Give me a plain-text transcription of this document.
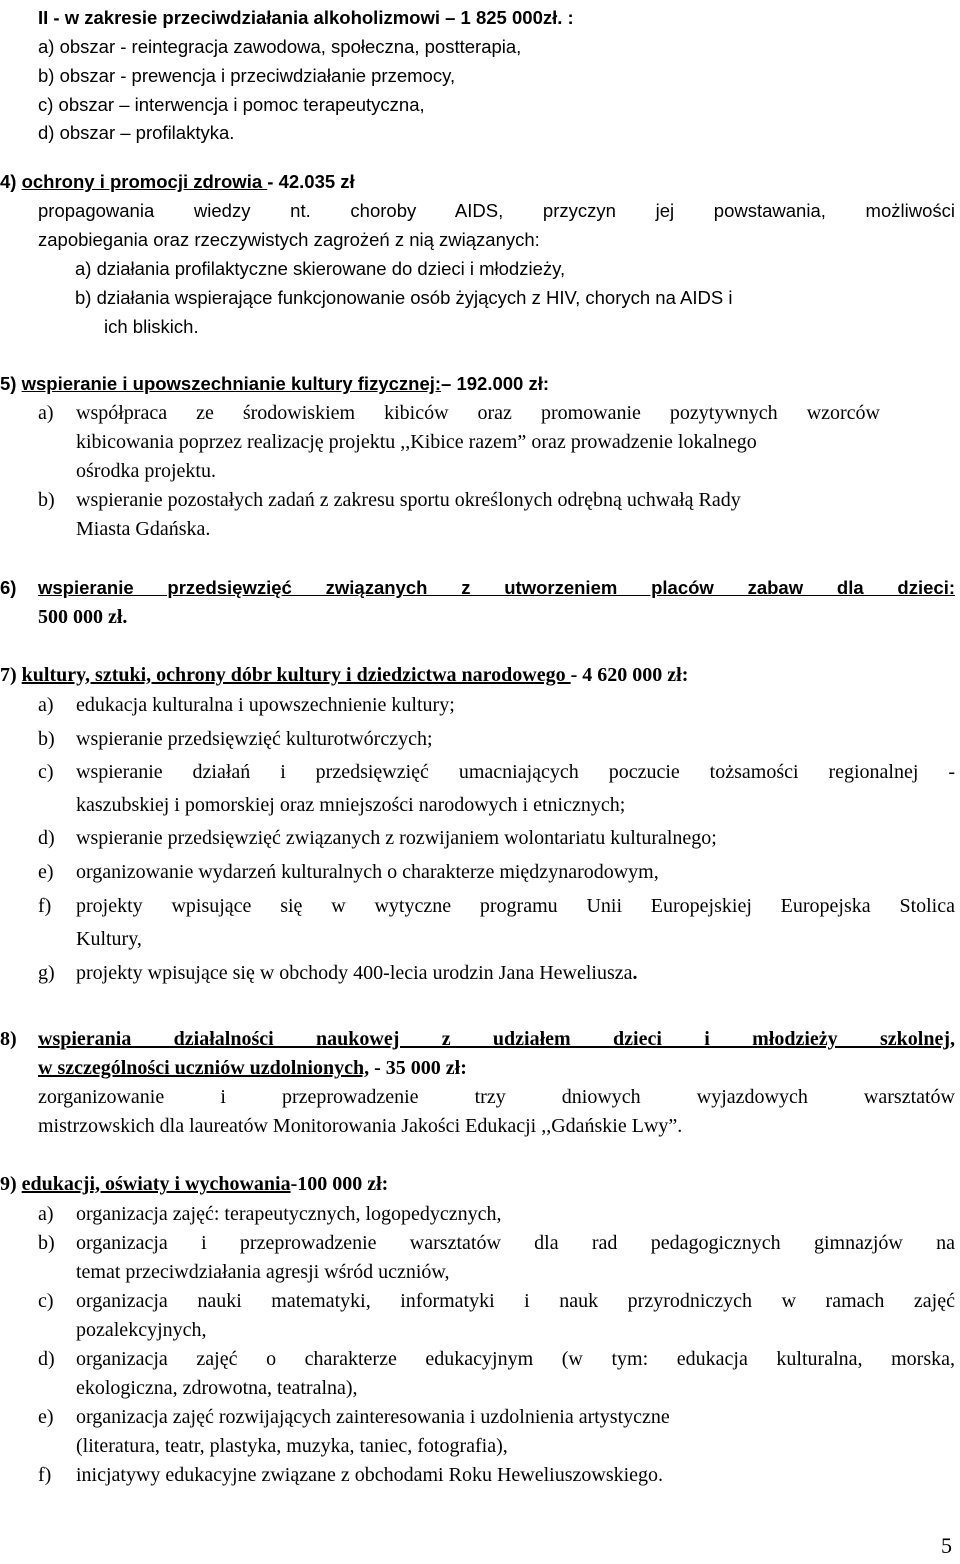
II - w zakresie przeciwdziałania alkoholizmowi – 1 825 000zł. :
a) obszar - reintegracja zawodowa, społeczna, postterapia,
b) obszar - prewencja i przeciwdziałanie przemocy,
c) obszar – interwencja i pomoc terapeutyczna,
d) obszar – profilaktyka.
4) ochrony i promocji zdrowia - 42.035 zł
propagowania wiedzy nt. choroby AIDS, przyczyn jej powstawania, możliwości
zapobiegania oraz rzeczywistych zagrożeń z nią związanych:
a) działania profilaktyczne skierowane do dzieci i młodzieży,
b) działania wspierające funkcjonowanie osób żyjących z HIV, chorych na AIDS i
ich bliskich.
5) wspieranie i upowszechnianie kultury fizycznej:– 192.000 zł:
a) współpraca ze środowiskiem kibiców oraz promowanie pozytywnych wzorców
kibicowania poprzez realizację projektu ,,Kibice razem” oraz prowadzenie lokalnego
ośrodka projektu.
b) wspieranie pozostałych zadań z zakresu sportu określonych odrębną uchwałą Rady
Miasta Gdańska.
6) wspieranie przedsięwzięć związanych z utworzeniem placów zabaw dla dzieci:
500 000 zł.
7) kultury, sztuki, ochrony dóbr kultury i dziedzictwa narodowego - 4 620 000 zł:
a) edukacja kulturalna i upowszechnienie kultury;
b) wspieranie przedsięwzięć kulturotwórczych;
c) wspieranie działań i przedsięwzięć umacniających poczucie tożsamości regionalnej -
kaszubskiej i pomorskiej oraz mniejszości narodowych i etnicznych;
d) wspieranie przedsięwzięć związanych z rozwijaniem wolontariatu kulturalnego;
e) organizowanie wydarzeń kulturalnych o charakterze międzynarodowym,
f) projekty wpisujące się w wytyczne programu Unii Europejskiej Europejska Stolica
Kultury,
g) projekty wpisujące się w obchody 400-lecia urodzin Jana Heweliusza.
8) wspierania działalności naukowej z udziałem dzieci i młodzieży szkolnej,
w szczególności uczniów uzdolnionych, - 35 000 zł:
zorganizowanie i przeprowadzenie trzy dniowych wyjazdowych warsztatów
mistrzowskich dla laureatów Monitorowania Jakości Edukacji ,,Gdańskie Lwy”.
9) edukacji, oświaty i wychowania-100 000 zł:
a) organizacja zajęć: terapeutycznych, logopedycznych,
b) organizacja i przeprowadzenie warsztatów dla rad pedagogicznych gimnazjów na
temat przeciwdziałania agresji wśród uczniów,
c) organizacja nauki matematyki, informatyki i nauk przyrodniczych w ramach zajęć
pozalekcyjnych,
d) organizacja zajęć o charakterze edukacyjnym (w tym: edukacja kulturalna, morska,
ekologiczna, zdrowotna, teatralna),
e) organizacja zajęć rozwijających zainteresowania i uzdolnienia artystyczne
(literatura, teatr, plastyka, muzyka, taniec, fotografia),
f) inicjatywy edukacyjne związane z obchodami Roku Heweliuszowskiego.
5
